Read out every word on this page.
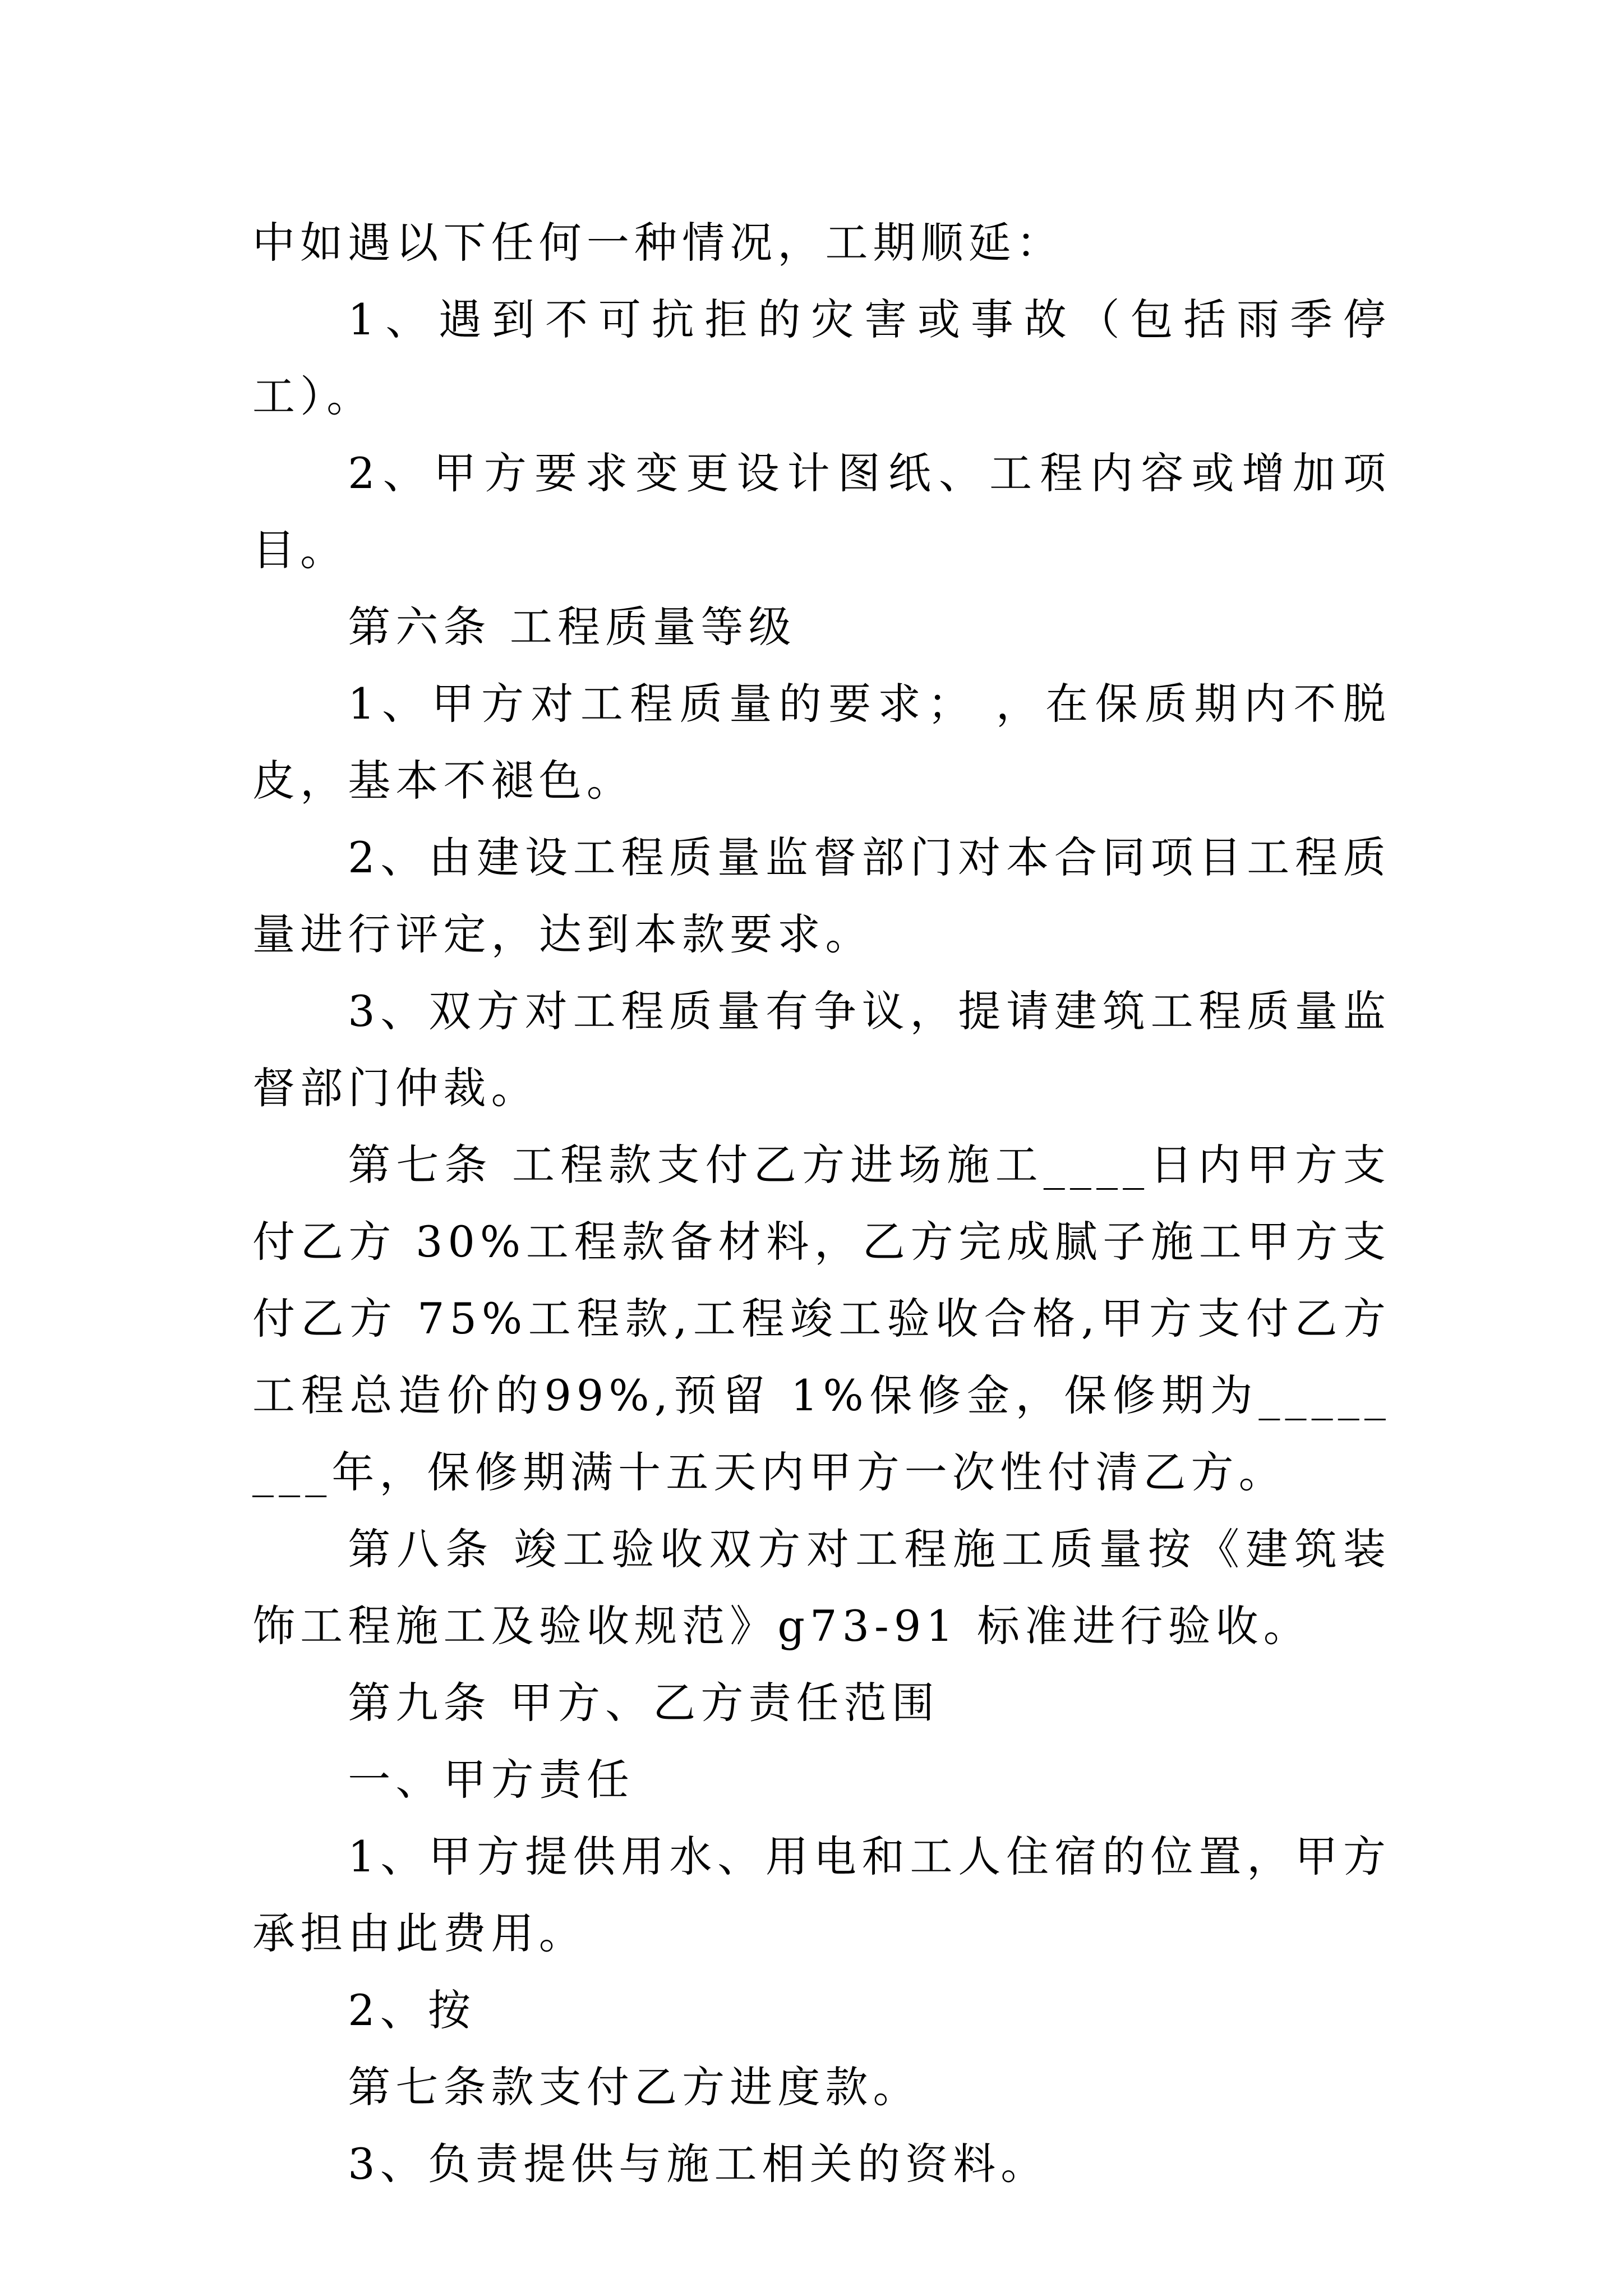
中如遇以下任何一种情况，工期顺延：

1、遇到不可抗拒的灾害或事故（包括雨季停工）。

2、甲方要求变更设计图纸、工程内容或增加项目。

第六条 工程质量等级

1、甲方对工程质量的要求； ，在保质期内不脱皮，基本不褪色。

2、由建设工程质量监督部门对本合同项目工程质量进行评定，达到本款要求。

3、双方对工程质量有争议，提请建筑工程质量监督部门仲裁。

第七条 工程款支付乙方进场施工____日内甲方支付乙方 30%工程款备材料，乙方完成腻子施工甲方支付乙方 75%工程款,工程竣工验收合格,甲方支付乙方工程总造价的99%,预留 1%保修金，保修期为________年，保修期满十五天内甲方一次性付清乙方。

第八条 竣工验收双方对工程施工质量按《建筑装饰工程施工及验收规范》g73-91 标准进行验收。

第九条 甲方、乙方责任范围

一、甲方责任

1、甲方提供用水、用电和工人住宿的位置，甲方承担由此费用。

2、按

第七条款支付乙方进度款。

3、负责提供与施工相关的资料。
